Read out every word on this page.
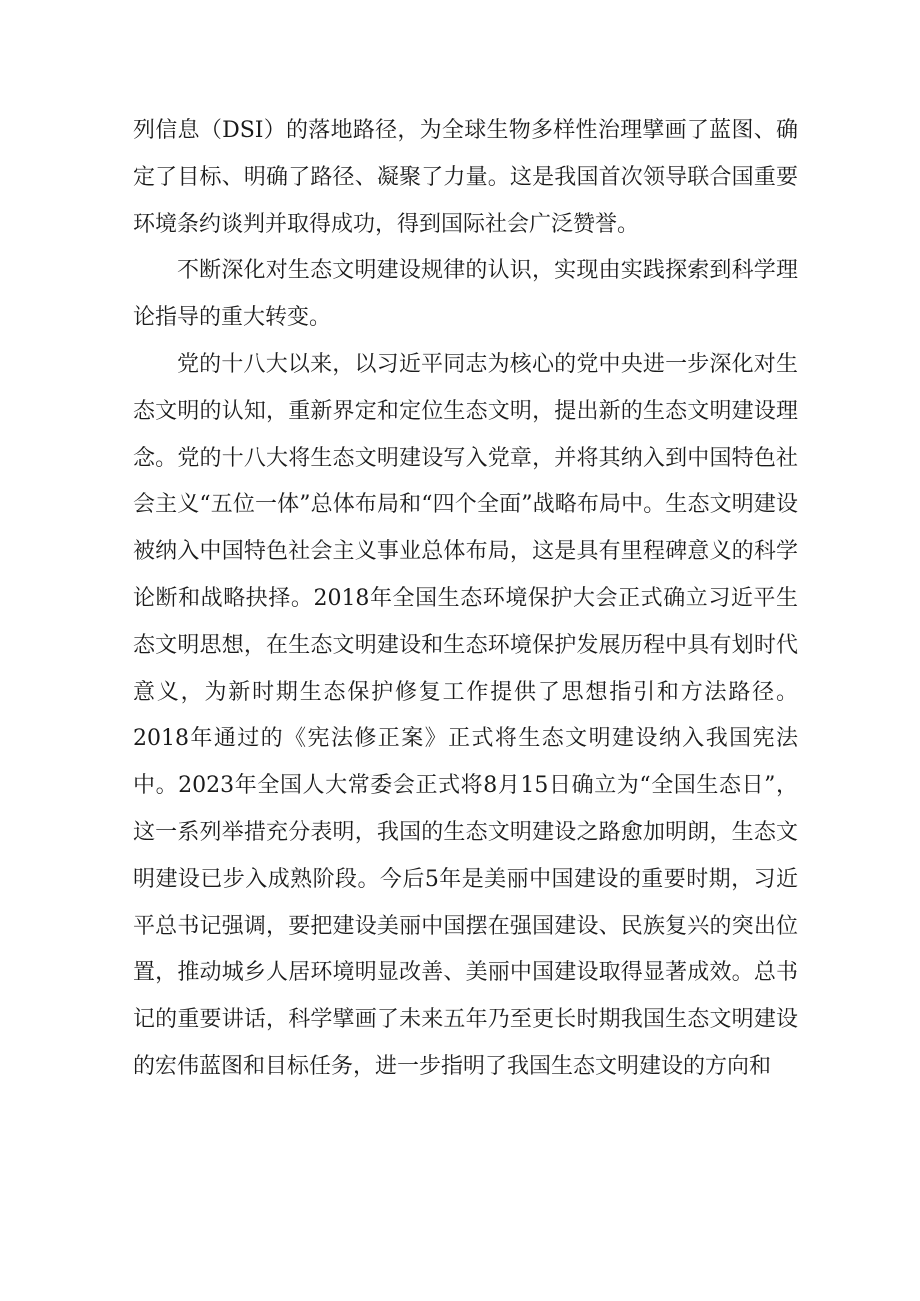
列信息（DSI）的落地路径，为全球生物多样性治理擘画了蓝图、确定了目标、明确了路径、凝聚了力量。这是我国首次领导联合国重要环境条约谈判并取得成功，得到国际社会广泛赞誉。

不断深化对生态文明建设规律的认识，实现由实践探索到科学理论指导的重大转变。

党的十八大以来，以习近平同志为核心的党中央进一步深化对生态文明的认知，重新界定和定位生态文明，提出新的生态文明建设理念。党的十八大将生态文明建设写入党章，并将其纳入到中国特色社会主义“五位一体”总体布局和“四个全面”战略布局中。生态文明建设被纳入中国特色社会主义事业总体布局，这是具有里程碑意义的科学论断和战略抉择。2018年全国生态环境保护大会正式确立习近平生态文明思想，在生态文明建设和生态环境保护发展历程中具有划时代意义，为新时期生态保护修复工作提供了思想指引和方法路径。2018年通过的《宪法修正案》正式将生态文明建设纳入我国宪法中。2023年全国人大常委会正式将8月15日确立为“全国生态日”，这一系列举措充分表明，我国的生态文明建设之路愈加明朗，生态文明建设已步入成熟阶段。今后5年是美丽中国建设的重要时期，习近平总书记强调，要把建设美丽中国摆在强国建设、民族复兴的突出位置，推动城乡人居环境明显改善、美丽中国建设取得显著成效。总书记的重要讲话，科学擘画了未来五年乃至更长时期我国生态文明建设的宏伟蓝图和目标任务，进一步指明了我国生态文明建设的方向和
